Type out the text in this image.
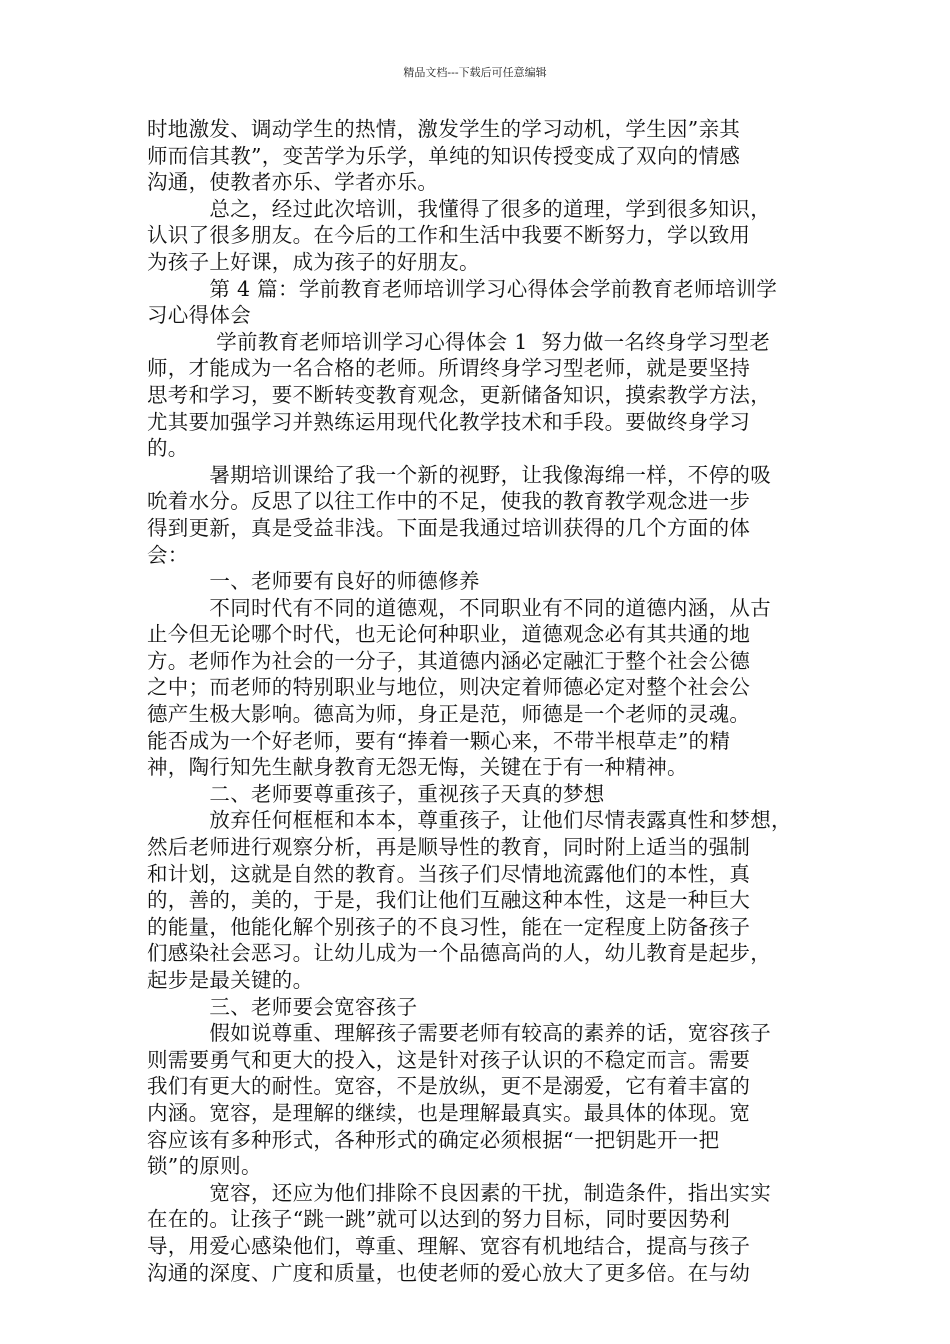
精品文档---下载后可任意编辑
时地激发、调动学生的热情，激发学生的学习动机，学生因”亲其
师而信其教”，变苦学为乐学，单纯的知识传授变成了双向的情感
沟通，使教者亦乐、学者亦乐。
　　　总之，经过此次培训，我懂得了很多的道理，学到很多知识，
认识了很多朋友。在今后的工作和生活中我要不断努力，学以致用
为孩子上好课，成为孩子的好朋友。
　　　第 4 篇：学前教育老师培训学习心得体会学前教育老师培训学
习心得体会
　　　 学前教育老师培训学习心得体会 1  努力做一名终身学习型老
师，才能成为一名合格的老师。所谓终身学习型老师，就是要坚持
思考和学习，要不断转变教育观念，更新储备知识，摸索教学方法，
尤其要加强学习并熟练运用现代化教学技术和手段。要做终身学习
的。
　　　暑期培训课给了我一个新的视野，让我像海绵一样，不停的吸
吮着水分。反思了以往工作中的不足，使我的教育教学观念进一步
得到更新，真是受益非浅。下面是我通过培训获得的几个方面的体
会：
　　　一、老师要有良好的师德修养
　　　不同时代有不同的道德观，不同职业有不同的道德内涵，从古
止今但无论哪个时代，也无论何种职业，道德观念必有其共通的地
方。老师作为社会的一分子，其道德内涵必定融汇于整个社会公德
之中；而老师的特别职业与地位，则决定着师德必定对整个社会公
德产生极大影响。德高为师，身正是范，师德是一个老师的灵魂。
能否成为一个好老师，要有“捧着一颗心来，不带半根草走”的精
神，陶行知先生献身教育无怨无悔，关键在于有一种精神。
　　　二、老师要尊重孩子，重视孩子天真的梦想
　　　放弃任何框框和本本，尊重孩子，让他们尽情表露真性和梦想，
然后老师进行观察分析，再是顺导性的教育，同时附上适当的强制
和计划，这就是自然的教育。当孩子们尽情地流露他们的本性，真
的，善的，美的，于是，我们让他们互融这种本性，这是一种巨大
的能量，他能化解个别孩子的不良习性，能在一定程度上防备孩子
们感染社会恶习。让幼儿成为一个品德高尚的人，幼儿教育是起步，
起步是最关键的。
　　　三、老师要会宽容孩子
　　　假如说尊重、理解孩子需要老师有较高的素养的话，宽容孩子
则需要勇气和更大的投入，这是针对孩子认识的不稳定而言。需要
我们有更大的耐性。宽容，不是放纵，更不是溺爱，它有着丰富的
内涵。宽容，是理解的继续，也是理解最真实。最具体的体现。宽
容应该有多种形式，各种形式的确定必须根据“一把钥匙开一把
锁”的原则。
　　　宽容，还应为他们排除不良因素的干扰，制造条件，指出实实
在在的。让孩子“跳一跳”就可以达到的努力目标，同时要因势利
导，用爱心感染他们，尊重、理解、宽容有机地结合，提高与孩子
沟通的深度、广度和质量，也使老师的爱心放大了更多倍。在与幼
